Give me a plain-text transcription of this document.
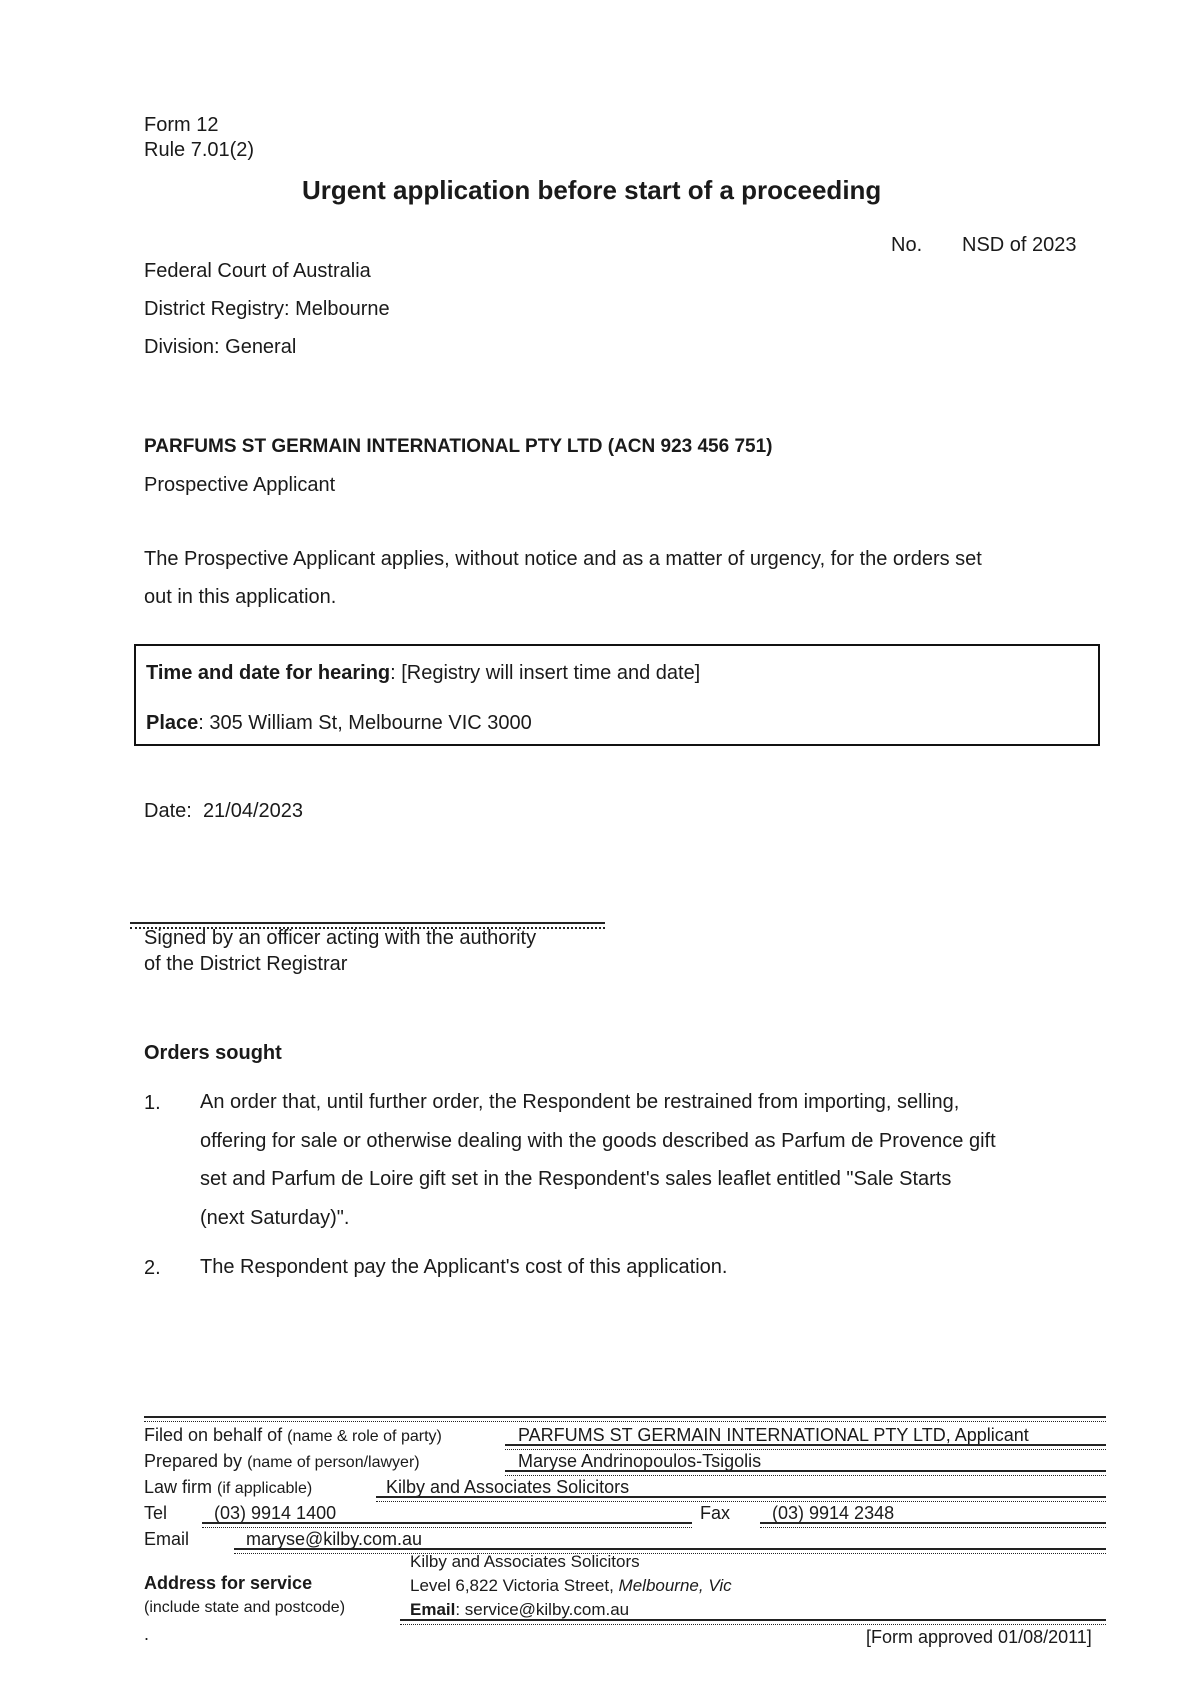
Form 12
Rule 7.01(2)
Urgent application before start of a proceeding
No. NSD of 2023
Federal Court of Australia
District Registry: Melbourne
Division: General
PARFUMS ST GERMAIN INTERNATIONAL PTY LTD (ACN 923 456 751)
Prospective Applicant
The Prospective Applicant applies, without notice and as a matter of urgency, for the orders set
out in this application.
Time and date for hearing: [Registry will insert time and date]
Place: 305 William St, Melbourne VIC 3000
Date: 21/04/2023
Signed by an officer acting with the authority
of the District Registrar
Orders sought
1. An order that, until further order, the Respondent be restrained from importing, selling,
offering for sale or otherwise dealing with the goods described as Parfum de Provence gift
set and Parfum de Loire gift set in the Respondent's sales leaflet entitled "Sale Starts
(next Saturday)".
2. The Respondent pay the Applicant's cost of this application.
Filed on behalf of (name & role of party)	PARFUMS ST GERMAIN INTERNATIONAL PTY LTD, Applicant
Prepared by (name of person/lawyer)	Maryse Andrinopoulos-Tsigolis
Law firm (if applicable)	Kilby and Associates Solicitors
Tel	(03) 9914 1400	Fax (03) 9914 2348
Email	maryse@kilby.com.au
Address for service
(include state and postcode)
Kilby and Associates Solicitors
Level 6,822 Victoria Street, Melbourne, Vic
Email: service@kilby.com.au
.	[Form approved 01/08/2011]
